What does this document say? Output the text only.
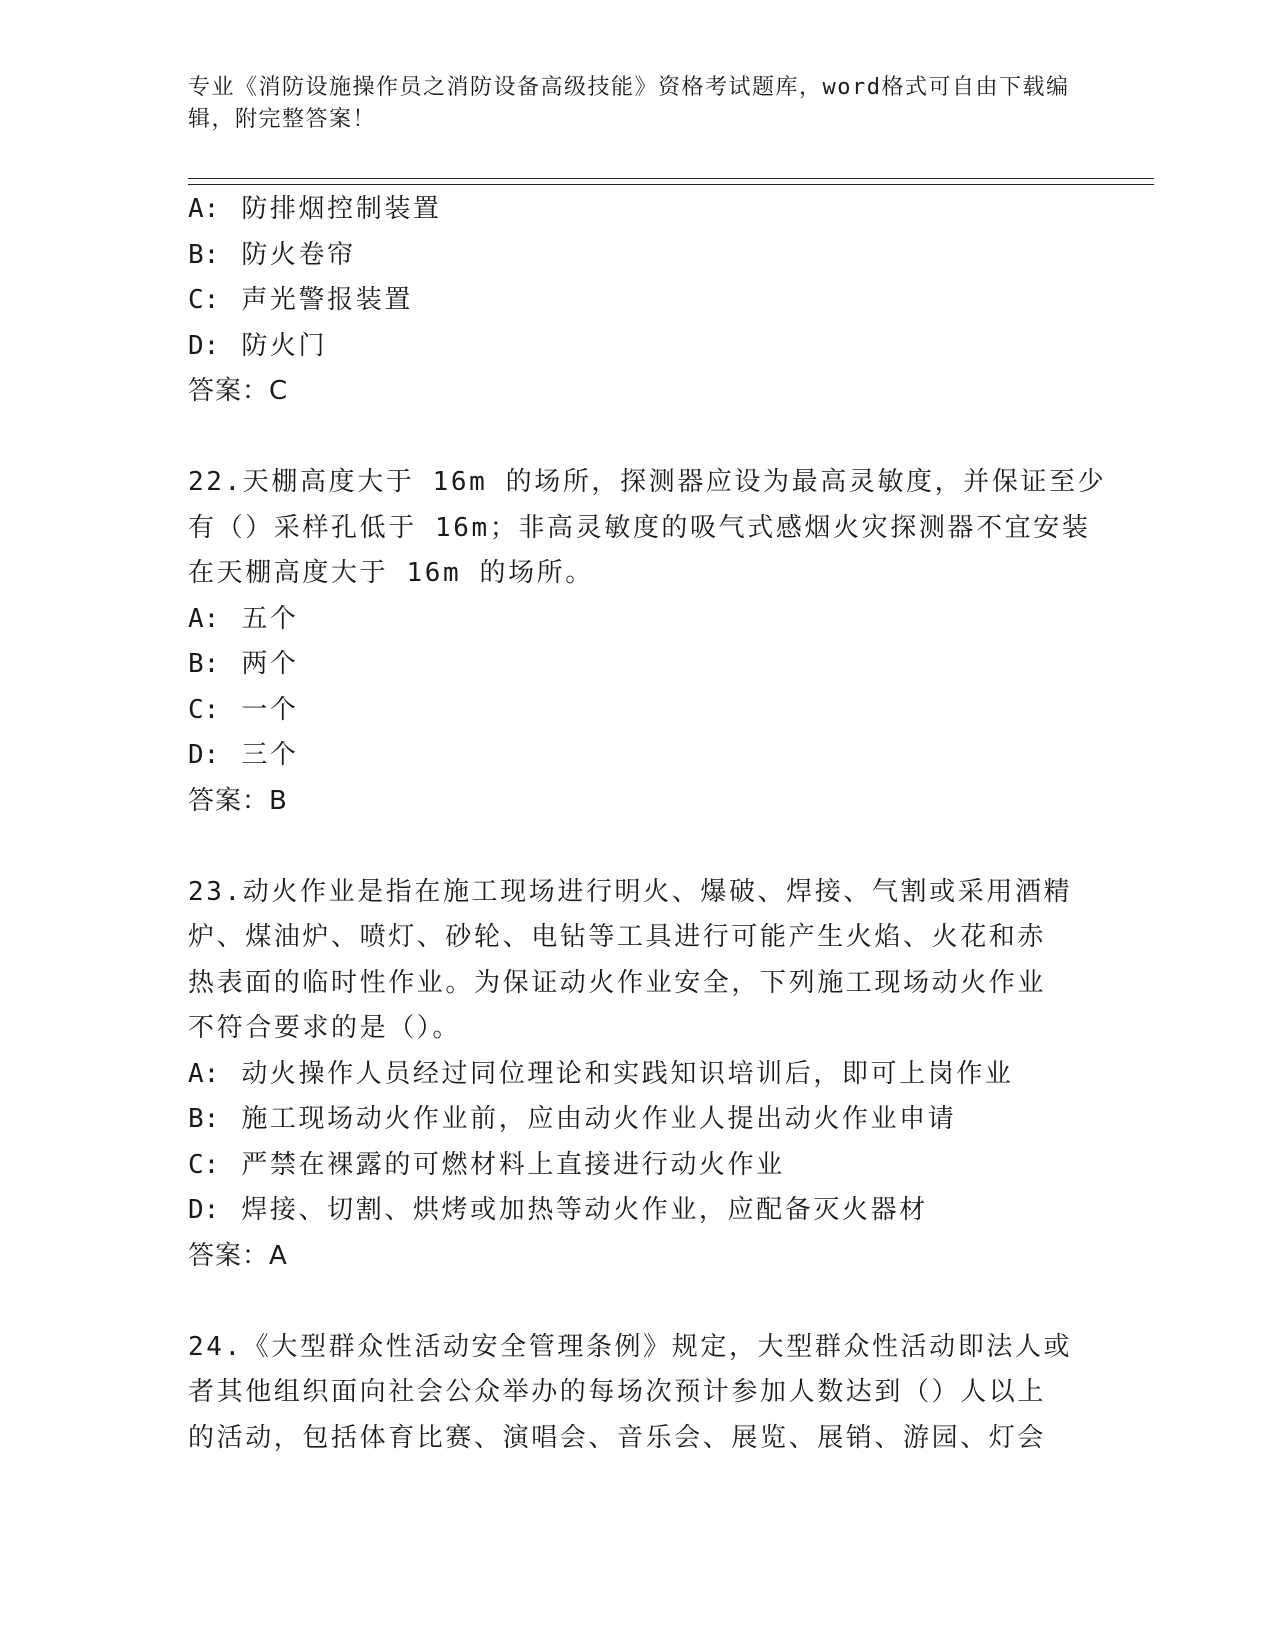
专业《消防设施操作员之消防设备高级技能》资格考试题库，word格式可自由下载编辑，附完整答案！

A: 防排烟控制装置

B: 防火卷帘

C: 声光警报装置

D: 防火门

答案：C

22.天棚高度大于 16m 的场所，探测器应设为最高灵敏度，并保证至少

有（）采样孔低于 16m；非高灵敏度的吸气式感烟火灾探测器不宜安装

在天棚高度大于 16m 的场所。

A: 五个

B: 两个

C: 一个

D: 三个

答案：B

23.动火作业是指在施工现场进行明火、爆破、焊接、气割或采用酒精

炉、煤油炉、喷灯、砂轮、电钻等工具进行可能产生火焰、火花和赤

热表面的临时性作业。为保证动火作业安全，下列施工现场动火作业

不符合要求的是（）。

A: 动火操作人员经过同位理论和实践知识培训后，即可上岗作业

B: 施工现场动火作业前，应由动火作业人提出动火作业申请

C: 严禁在裸露的可燃材料上直接进行动火作业

D: 焊接、切割、烘烤或加热等动火作业，应配备灭火器材

答案：A

24.《大型群众性活动安全管理条例》规定，大型群众性活动即法人或

者其他组织面向社会公众举办的每场次预计参加人数达到（）人以上

的活动，包括体育比赛、演唱会、音乐会、展览、展销、游园、灯会
